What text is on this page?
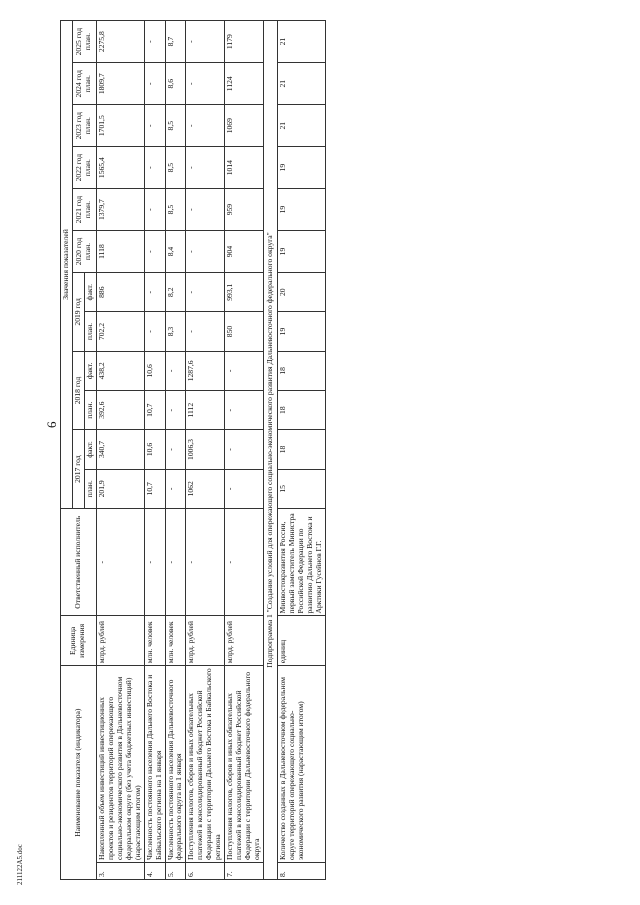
6
211122A5.doc
Наименование показателя (индикатора)		Единица измерения	Ответственный исполнитель	Значения показателей											
				2017 год		2018 год		2019 год		2020 год план.	2021 год план.	2022 год план.	2023 год план.	2024 год план.	2025 год план.
				план.	факт.	план.	факт.	план.	факт.						
3.	Накопленный объем инвестиций инвестиционных проектов и резидентов территорий опережающего социально-экономического развития в Дальневосточном федеральном округе (без учета бюджетных инвестиций) (нарастающим итогом)	млрд. рублей	-	201,9	340,7	392,6	438,2	702,2	886	1118	1379,7	1565,4	1701,5	1809,7	2275,8
4.	Численность постоянного населения Дальнего Востока и Байкальского региона на 1 января	млн. человек	-	10,7	10,6	10,7	10,6	-	-	-	-	-	-	-	-
5.	Численность постоянного населения Дальневосточного федерального округа на 1 января	млн. человек	-	-	-	-	-	8,3	8,2	8,4	8,5	8,5	8,5	8,6	8,7
6.	Поступления налогов, сборов и иных обязательных платежей в консолидированный бюджет Российской Федерации с территории Дальнего Востока и Байкальского региона	млрд. рублей	-	1062	1006,3	1112	1287,6	-	-	-	-	-	-	-	-
7.	Поступления налогов, сборов и иных обязательных платежей в консолидированный бюджет Российской Федерации с территории Дальневосточного федерального округа	млрд. рублей	-	-	-	-	-	850	993,1	904	959	1014	1069	1124	1179
Подпрограмма 1 "Создание условий для опережающего социально-экономического развития Дальневосточного федерального округа"															
8.	Количество созданных в Дальневосточном федеральном округе территорий опережающего социально-экономического развития (нарастающим итогом)	единиц	Минвостокразвития России, первый заместитель Министра Российской Федерации по развитию Дальнего Востока и Арктики Гусейнов Г.Г.	15	18	18	18	19	20	19	19	19	21	21	21
